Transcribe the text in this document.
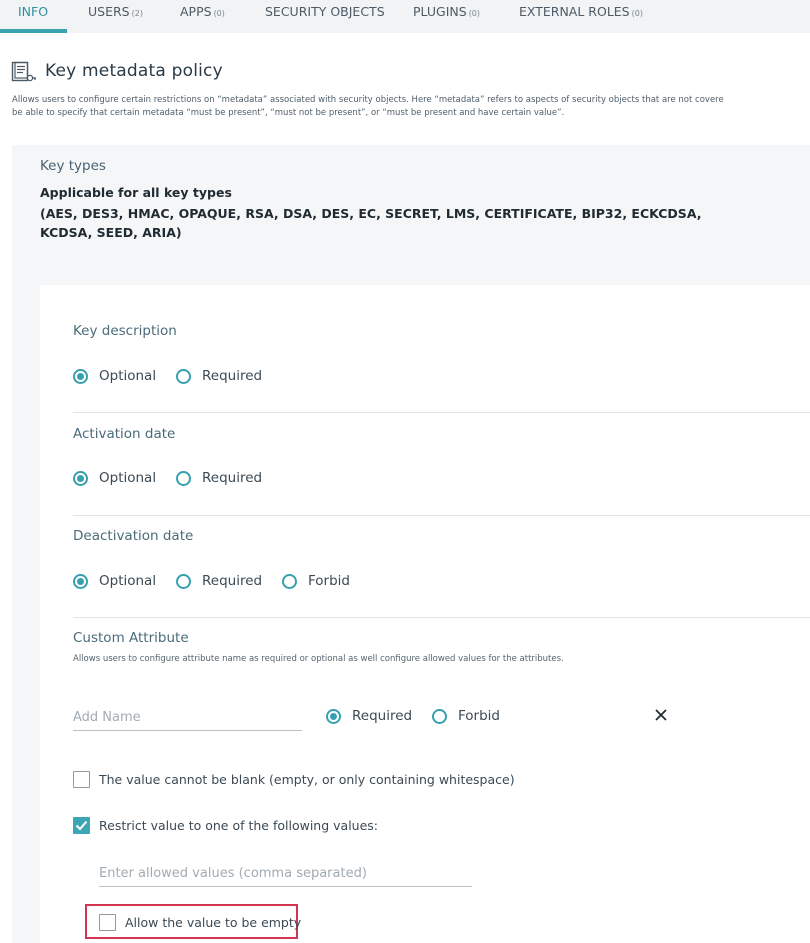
INFO	USERS (2)	APPS (0)	SECURITY OBJECTS PLUGINS (0)	EXTERNAL ROLES (0)
Key metadata policy
Allows users to configure certain restrictions on “metadata” associated with security objects. Here “metadata” refers to aspects of security objects that are not covere
be able to specify that certain metadata “must be present”, “must not be present”, or “must be present and have certain value”.
Key types
Applicable for all key types
(AES, DES3, HMAC, OPAQUE, RSA, DSA, DES, EC, SECRET, LMS, CERTIFICATE, BIP32, ECKCDSA, KCDSA, SEED, ARIA)
Key description
Optional	Required
Activation date
Optional	Required
Deactivation date
Optional	Required	Forbid
Custom Attribute
Allows users to configure attribute name as required or optional as well configure allowed values for the attributes.
Add Name
Required	Forbid
The value cannot be blank (empty, or only containing whitespace)
Restrict value to one of the following values:
Enter allowed values (comma separated)
Allow the value to be empty
